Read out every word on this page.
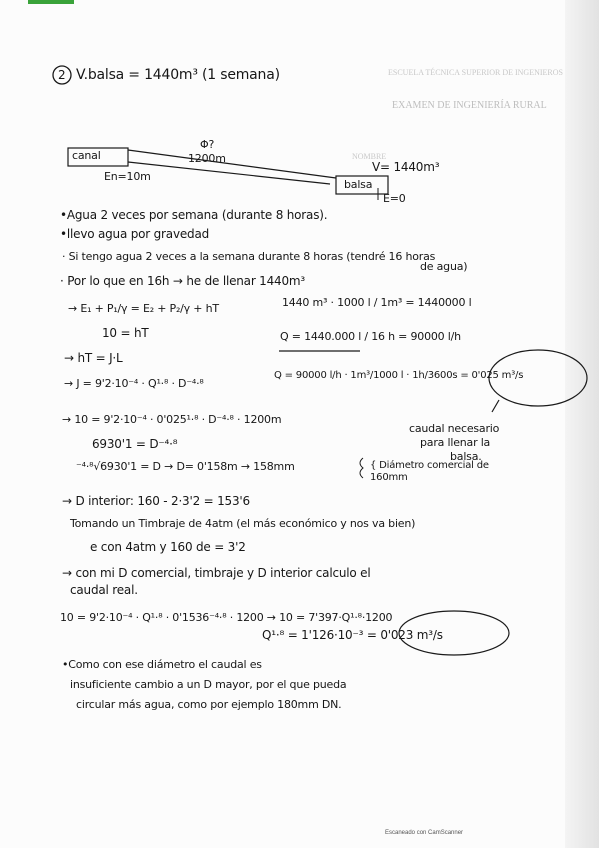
ESCUELA TÉCNICA SUPERIOR DE INGENIEROS
EXAMEN DE INGENIERÍA RURAL
NOMBRE
2 V.balsa = 1440m³ (1 semana)
canal
En=10m
Φ?
1200m
balsa
V= 1440m³
E=0
•Agua 2 veces por semana (durante 8 horas).
•llevo agua por gravedad
· Si tengo agua 2 veces a la semana durante 8 horas (tendré 16 horas
de agua)
· Por lo que en 16h → he de llenar 1440m³
→ E₁ + P₁/γ = E₂ + P₂/γ + hT
10 = hT
→ hT = J·L
→ J = 9'2·10⁻⁴ · Q¹·⁸ · D⁻⁴·⁸
→ 10 = 9'2·10⁻⁴ · 0'025¹·⁸ · D⁻⁴·⁸ · 1200m
6930'1 = D⁻⁴·⁸
⁻⁴·⁸√6930'1 = D → D= 0'158m → 158mm	{ Diámetro comercial de 160mm
→ D interior: 160 - 2·3'2 = 153'6
Tomando un Timbraje de 4atm (el más económico y nos va bien)
e con 4atm y 160 de = 3'2
→ con mi D comercial, timbraje y D interior calculo el
caudal real.
10 = 9'2·10⁻⁴ · Q¹·⁸ · 0'1536⁻⁴·⁸ · 1200 → 10 = 7'397·Q¹·⁸·1200
Q¹·⁸ = 1'126·10⁻³ = 0'023 m³/s
•Como con ese diámetro el caudal es
insuficiente cambio a un D mayor, por el que pueda
circular más agua, como por ejemplo 180mm DN.
1440 m³ · 1000 l / 1m³ = 1440000 l
Q = 1440.000 l / 16 h = 90000 l/h
Q = 90000 l/h · 1m³/1000 l · 1h/3600s = 0'025 m³/s
caudal necesario
para llenar la
balsa.
Escaneado con CamScanner
